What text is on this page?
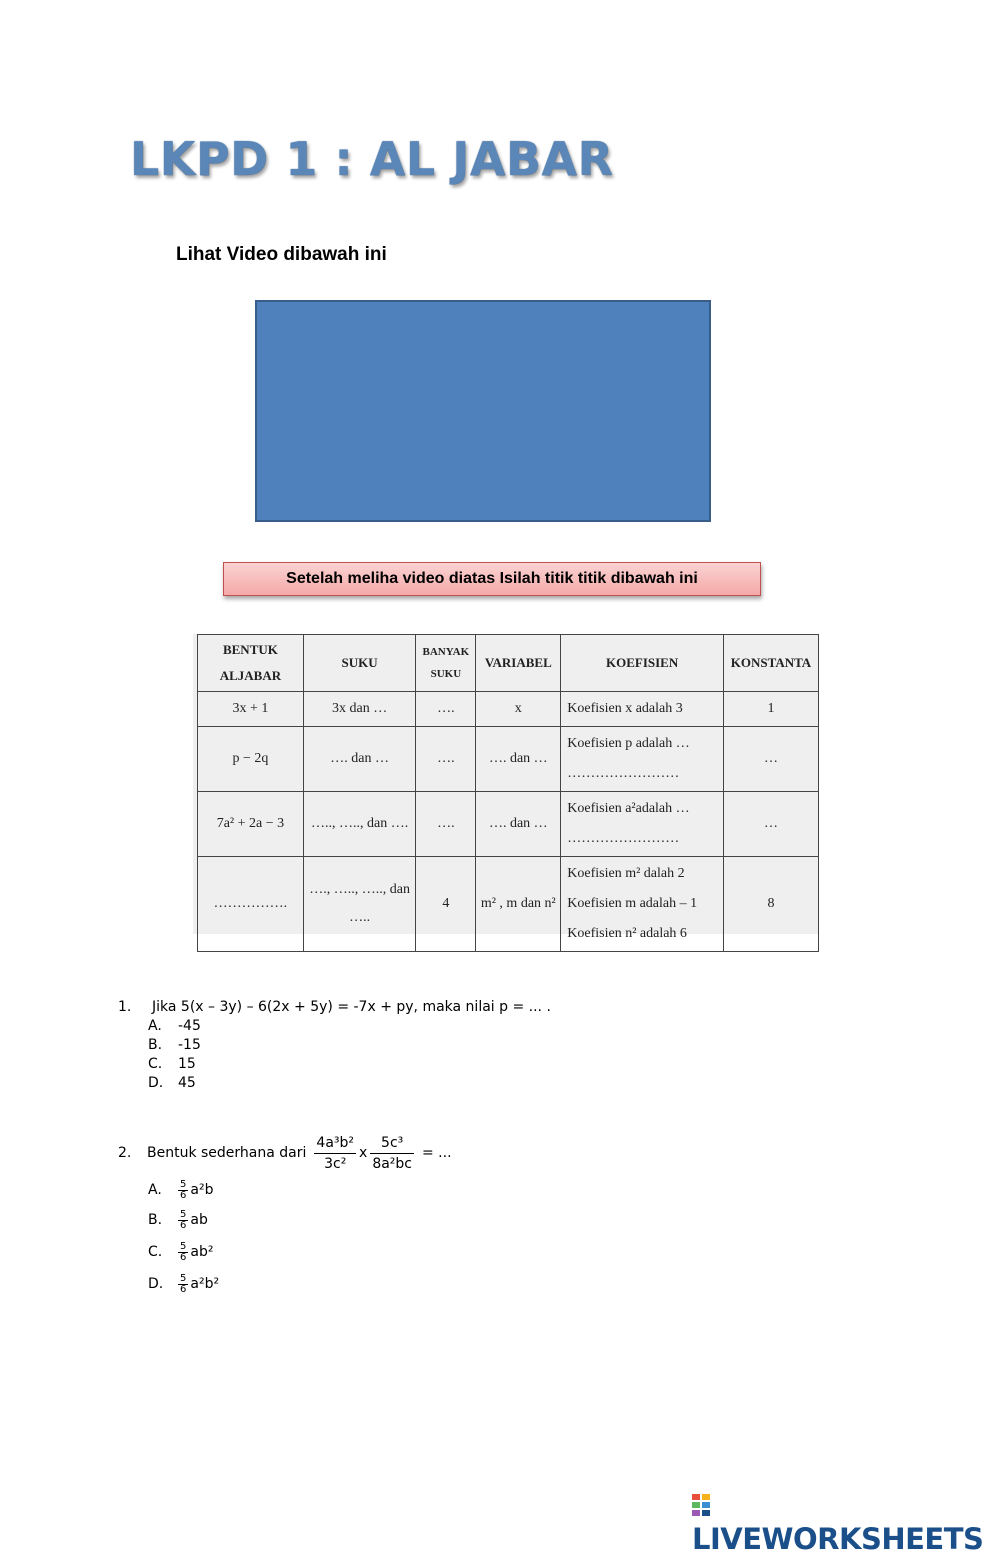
LKPD 1 : AL JABAR
Lihat Video dibawah ini
Setelah meliha video diatas Isilah titik titik dibawah ini
BENTUK ALJABAR	SUKU	BANYAK SUKU	VARIABEL	KOEFISIEN	KONSTANTA
3x + 1	3x dan …	….	x	Koefisien x adalah 3	1
p − 2q	…. dan …	….	…. dan …	Koefisien p adalah … ……………………	…
7a² + 2a − 3	….., ….., dan ….	….	…. dan …	Koefisien a²adalah … ……………………	…
…………….	…., ….., ….., dan …..	4	m² , m dan n²	Koefisien m² dalah 2 Koefisien m adalah – 1 Koefisien n² adalah 6	8
1. Jika 5(x – 3y) – 6(2x + 5y) = -7x + py, maka nilai p = ... .
A. -45
B. -15
C. 15
D. 45
2.	Bentuk sederhana dari $\frac{\text{4a³b²}}{\text{3c²}}$ x $\frac{\text{5c³}}{\text{8a²bc}}$ = ...
A.	$\frac{5}{6} a^2b$
B.	$\frac{5}{6}$ ab
C.	$\frac{5}{6} ab^2$
D.	$\frac{5}{6} a^2b^2$
LIVEWORKSHEETS
